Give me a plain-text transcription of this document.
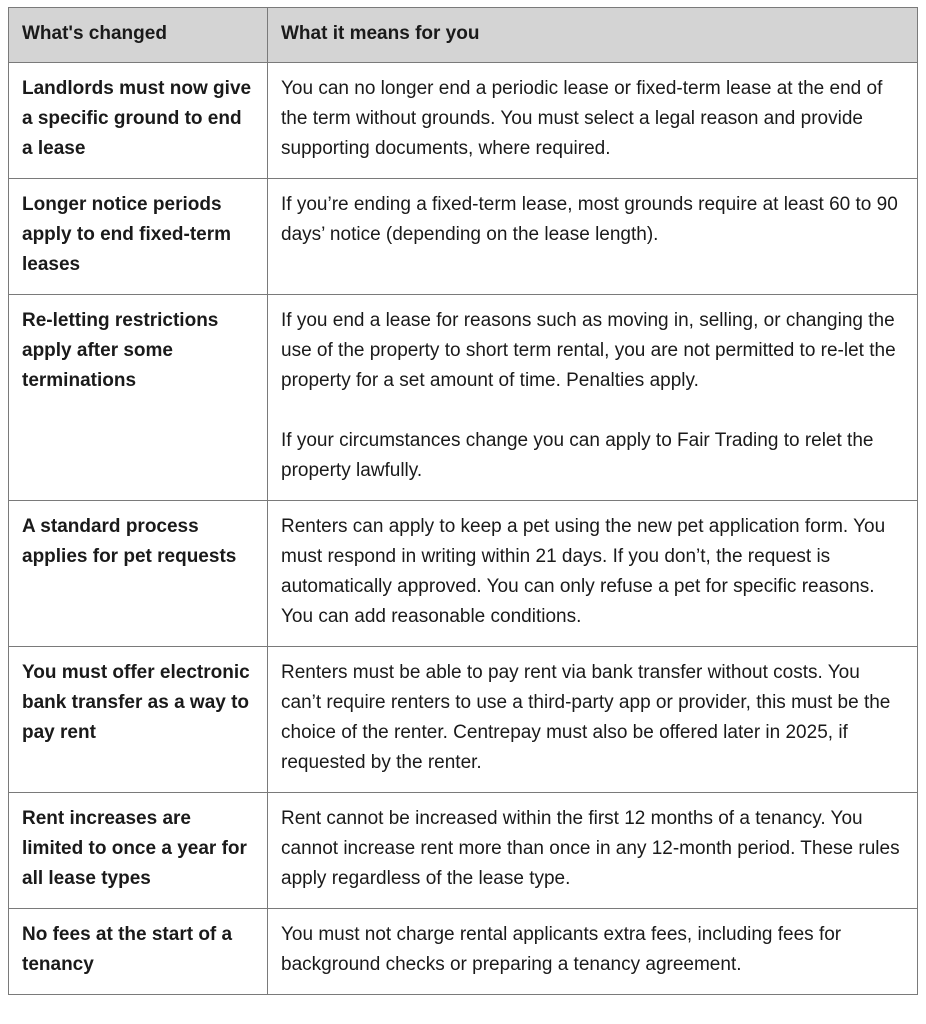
What's changed	What it means for you
Landlords must now give a specific ground to end a lease	You can no longer end a periodic lease or fixed-term lease at the end of the term without grounds. You must select a legal reason and provide supporting documents, where required.

Longer notice periods apply to end fixed-term leases	If you’re ending a fixed-term lease, most grounds require at least 60 to 90 days’ notice (depending on the lease length).

Re-letting restrictions apply after some terminations	If you end a lease for reasons such as moving in, selling, or changing the use of the property to short term rental, you are not permitted to re-let the property for a set amount of time. Penalties apply.
If your circumstances change you can apply to Fair Trading to relet the property lawfully.

A standard process applies for pet requests	Renters can apply to keep a pet using the new pet application form. You must respond in writing within 21 days. If you don’t, the request is automatically approved. You can only refuse a pet for specific reasons. You can add reasonable conditions.

You must offer electronic bank transfer as a way to pay rent	Renters must be able to pay rent via bank transfer without costs. You can’t require renters to use a third-party app or provider, this must be the choice of the renter. Centrepay must also be offered later in 2025, if requested by the renter.

Rent increases are limited to once a year for all lease types	Rent cannot be increased within the first 12 months of a tenancy. You cannot increase rent more than once in any 12-month period. These rules apply regardless of the lease type.

No fees at the start of a tenancy	You must not charge rental applicants extra fees, including fees for background checks or preparing a tenancy agreement.
